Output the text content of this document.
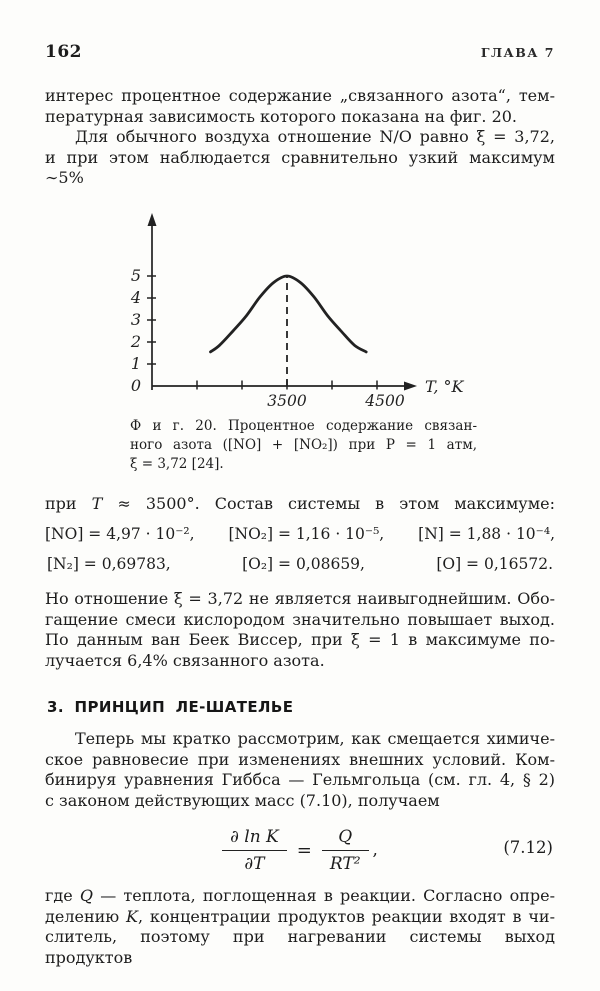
162	ГЛАВА 7
интерес процентное содержание „связанного азота“, тем-
пературная зависимость которого показана на фиг. 20.
Для обычного воздуха отношение N/O равно ξ = 3,72,
и при этом наблюдается сравнительно узкий максимум ∼5%
0
1
2
3
4
5
3500	4500
T, °K
Ф и г. 20. Процентное содержание связан-
ного азота ([NO] + [NO₂]) при P = 1 атм,
ξ = 3,72 [24].
при T ≈ 3500°. Состав системы в этом максимуме:
[NO] = 4,97 · 10⁻², [NO₂] = 1,16 · 10⁻⁵, [N] = 1,88 · 10⁻⁴,
[N₂] = 0,69783,	[O₂] = 0,08659,	[O] = 0,16572.
Но отношение ξ = 3,72 не является наивыгоднейшим. Обо-
гащение смеси кислородом значительно повышает выход.
По данным ван Беек Виссер, при ξ = 1 в максимуме по-
лучается 6,4% связанного азота.
3. ПРИНЦИП ЛЕ-ШАТЕЛЬЕ
Теперь мы кратко рассмотрим, как смещается химиче-
ское равновесие при изменениях внешних условий. Ком-
бинируя уравнения Гиббса — Гельмгольца (см. гл. 4, § 2)
с законом действующих масс (7.10), получаем
$\frac{\text{∂ ln K}}{\partial T} = \frac{Q}{\text{RT²}}$ ,	(7.12)
где Q — теплота, поглощенная в реакции. Согласно опре-
делению K, концентрации продуктов реакции входят в чи-
слитель, поэтому при нагревании системы выход продуктов
